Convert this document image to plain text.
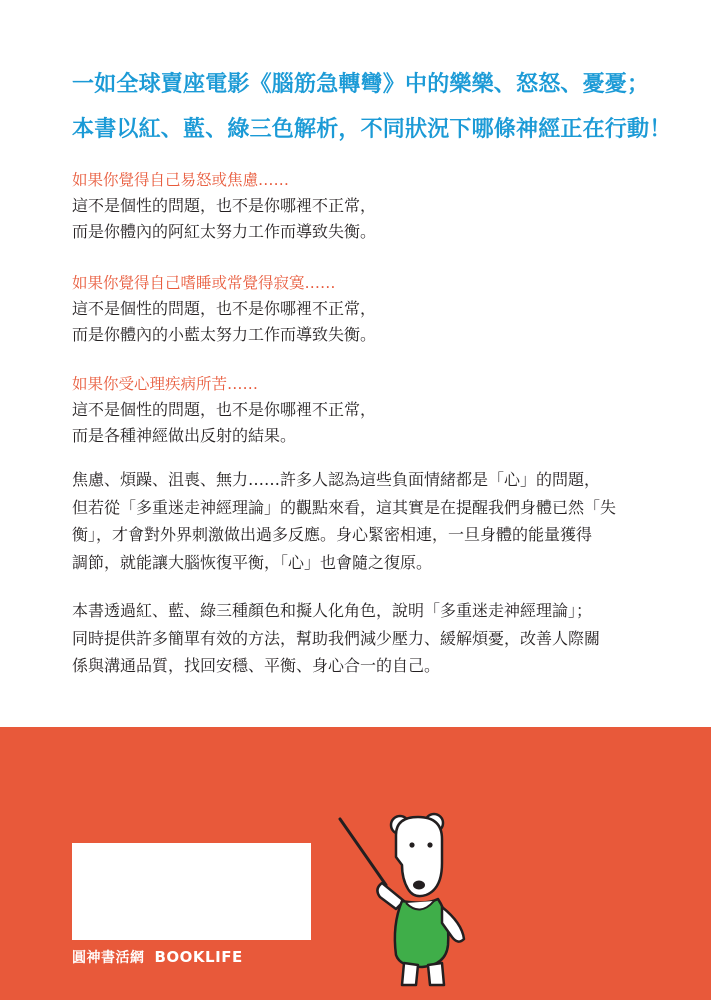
一如全球賣座電影《腦筋急轉彎》中的樂樂、怒怒、憂憂；
本書以紅、藍、綠三色解析，不同狀況下哪條神經正在行動！
如果你覺得自己易怒或焦慮……
這不是個性的問題，也不是你哪裡不正常，
而是你體內的阿紅太努力工作而導致失衡。
如果你覺得自己嗜睡或常覺得寂寞……
這不是個性的問題，也不是你哪裡不正常，
而是你體內的小藍太努力工作而導致失衡。
如果你受心理疾病所苦……
這不是個性的問題，也不是你哪裡不正常，
而是各種神經做出反射的結果。
焦慮、煩躁、沮喪、無力……許多人認為這些負面情緒都是「心」的問題，
但若從「多重迷走神經理論」的觀點來看，這其實是在提醒我們身體已然「失
衡」，才會對外界刺激做出過多反應。身心緊密相連，一旦身體的能量獲得
調節，就能讓大腦恢復平衡，「心」也會隨之復原。
本書透過紅、藍、綠三種顏色和擬人化角色，說明「多重迷走神經理論」；
同時提供許多簡單有效的方法，幫助我們減少壓力、緩解煩憂，改善人際關
係與溝通品質，找回安穩、平衡、身心合一的自己。
圓神書活網 BOOKLIFE
